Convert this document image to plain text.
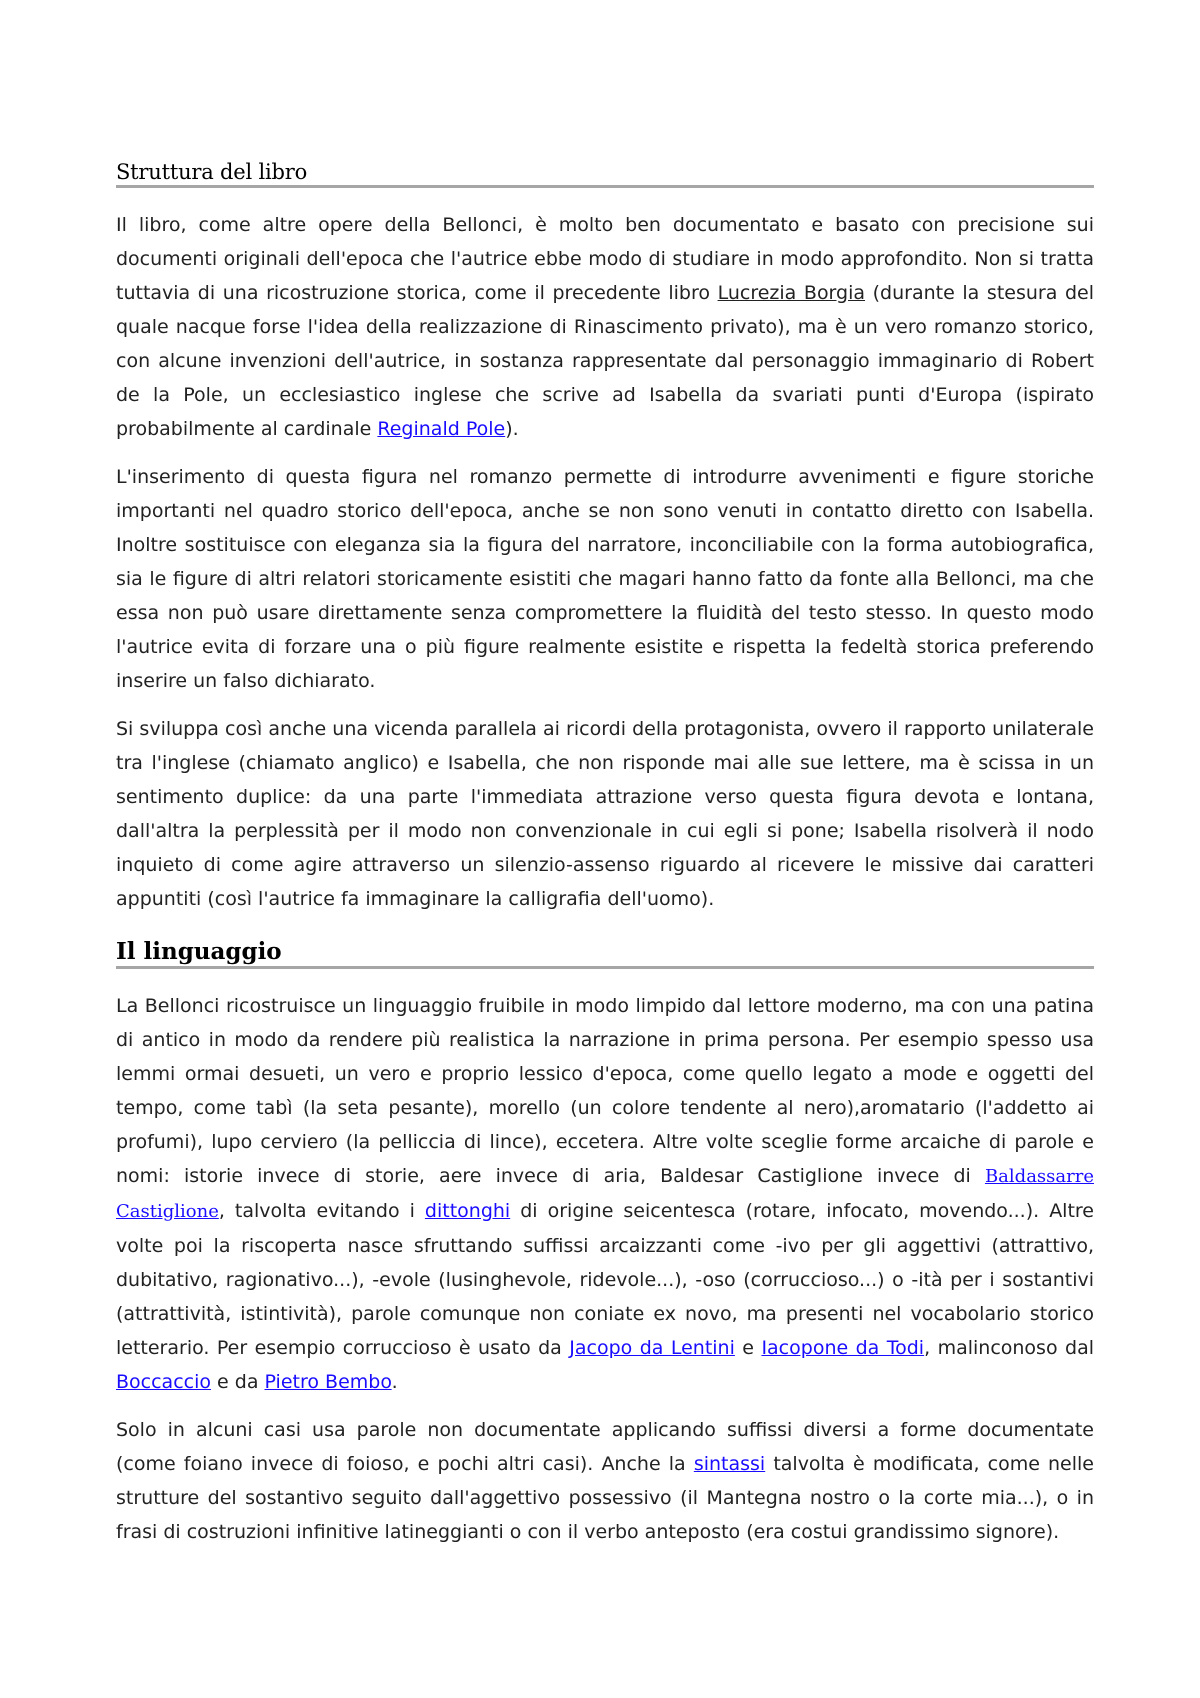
Struttura del libro

Il libro, come altre opere della Bellonci, è molto ben documentato e basato con precisione sui documenti originali dell'epoca che l'autrice ebbe modo di studiare in modo approfondito. Non si tratta tuttavia di una ricostruzione storica, come il precedente libro Lucrezia Borgia (durante la stesura del quale nacque forse l'idea della realizzazione di Rinascimento privato), ma è un vero romanzo storico, con alcune invenzioni dell'autrice, in sostanza rappresentate dal personaggio immaginario di Robert de la Pole, un ecclesiastico inglese che scrive ad Isabella da svariati punti d'Europa (ispirato probabilmente al cardinale Reginald Pole).

L'inserimento di questa figura nel romanzo permette di introdurre avvenimenti e figure storiche importanti nel quadro storico dell'epoca, anche se non sono venuti in contatto diretto con Isabella. Inoltre sostituisce con eleganza sia la figura del narratore, inconciliabile con la forma autobiografica, sia le figure di altri relatori storicamente esistiti che magari hanno fatto da fonte alla Bellonci, ma che essa non può usare direttamente senza compromettere la fluidità del testo stesso. In questo modo l'autrice evita di forzare una o più figure realmente esistite e rispetta la fedeltà storica preferendo inserire un falso dichiarato.

Si sviluppa così anche una vicenda parallela ai ricordi della protagonista, ovvero il rapporto unilaterale tra l'inglese (chiamato anglico) e Isabella, che non risponde mai alle sue lettere, ma è scissa in un sentimento duplice: da una parte l'immediata attrazione verso questa figura devota e lontana, dall'altra la perplessità per il modo non convenzionale in cui egli si pone; Isabella risolverà il nodo inquieto di come agire attraverso un silenzio-assenso riguardo al ricevere le missive dai caratteri appuntiti (così l'autrice fa immaginare la calligrafia dell'uomo).

Il linguaggio

La Bellonci ricostruisce un linguaggio fruibile in modo limpido dal lettore moderno, ma con una patina di antico in modo da rendere più realistica la narrazione in prima persona. Per esempio spesso usa lemmi ormai desueti, un vero e proprio lessico d'epoca, come quello legato a mode e oggetti del tempo, come tabì (la seta pesante), morello (un colore tendente al nero),aromatario (l'addetto ai profumi), lupo cerviero (la pelliccia di lince), eccetera. Altre volte sceglie forme arcaiche di parole e nomi: istorie invece di storie, aere invece di aria, Baldesar Castiglione invece di Baldassarre Castiglione, talvolta evitando i dittonghi di origine seicentesca (rotare, infocato, movendo...). Altre volte poi la riscoperta nasce sfruttando suffissi arcaizzanti come -ivo per gli aggettivi (attrattivo, dubitativo, ragionativo...), -evole (lusinghevole, ridevole...), -oso (corruccioso...) o -ità per i sostantivi (attrattività, istintività), parole comunque non coniate ex novo, ma presenti nel vocabolario storico letterario. Per esempio corruccioso è usato da Jacopo da Lentini e Iacopone da Todi, malinconoso dal Boccaccio e da Pietro Bembo.

Solo in alcuni casi usa parole non documentate applicando suffissi diversi a forme documentate (come foiano invece di foioso, e pochi altri casi). Anche la sintassi talvolta è modificata, come nelle strutture del sostantivo seguito dall'aggettivo possessivo (il Mantegna nostro o la corte mia...), o in frasi di costruzioni infinitive latineggianti o con il verbo anteposto (era costui grandissimo signore).
